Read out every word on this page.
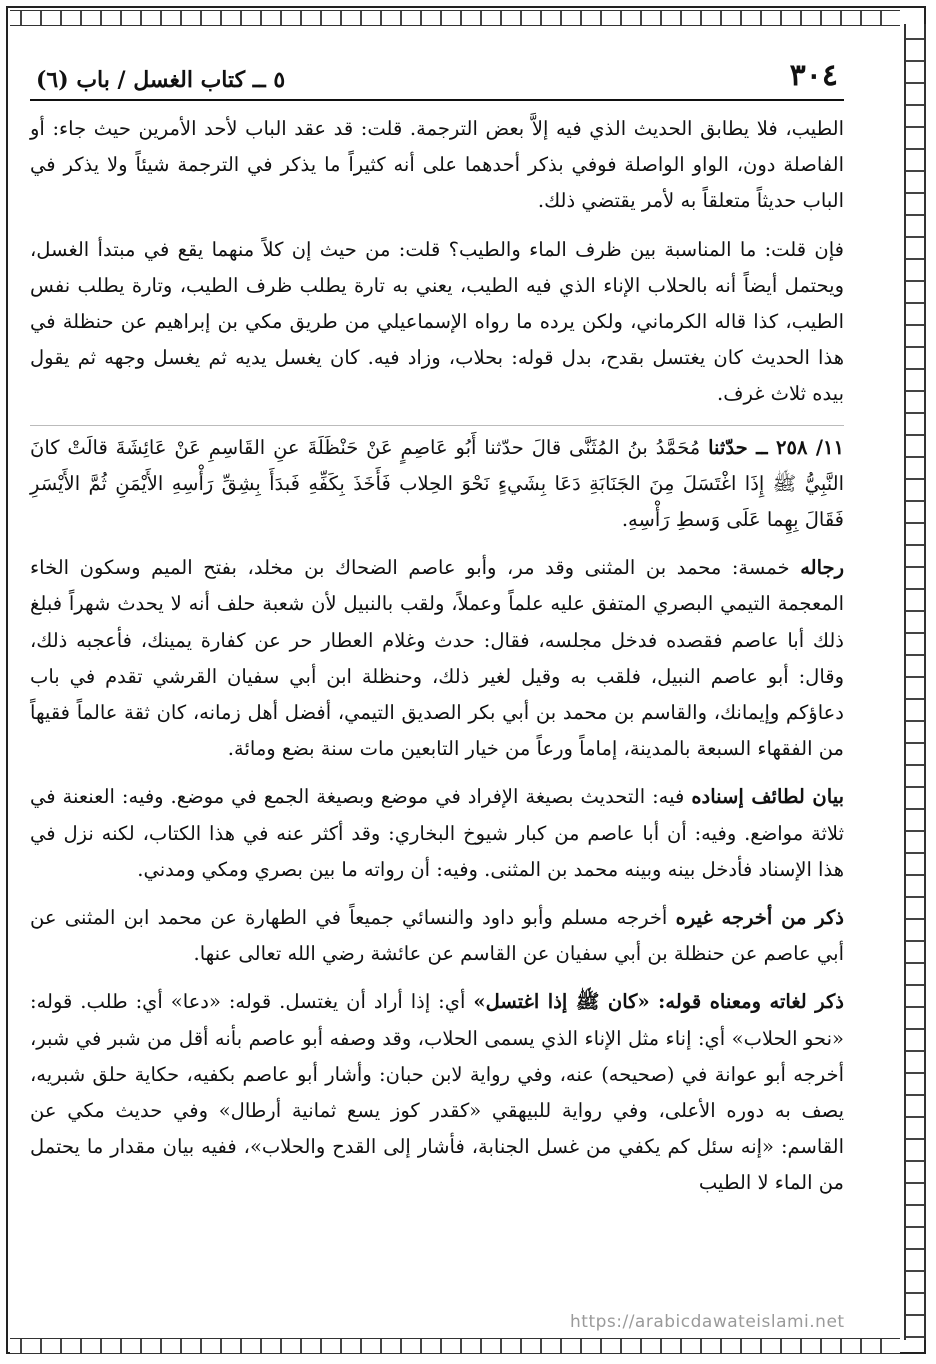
٣٠٤
٥ ــ كتاب الغسل / باب (٦)

الطيب، فلا يطابق الحديث الذي فيه إلاَّ بعض الترجمة. قلت: قد عقد الباب لأحد الأمرين حيث جاء: أو الفاصلة دون، الواو الواصلة فوفي بذكر أحدهما على أنه كثيراً ما يذكر في الترجمة شيئاً ولا يذكر في الباب حديثاً متعلقاً به لأمر يقتضي ذلك.

فإن قلت: ما المناسبة بين ظرف الماء والطيب؟ قلت: من حيث إن كلاً منهما يقع في مبتدأ الغسل، ويحتمل أيضاً أنه بالحلاب الإناء الذي فيه الطيب، يعني به تارة يطلب ظرف الطيب، وتارة يطلب نفس الطيب، كذا قاله الكرماني، ولكن يرده ما رواه الإسماعيلي من طريق مكي بن إبراهيم عن حنظلة في هذا الحديث كان يغتسل بقدح، بدل قوله: بحلاب، وزاد فيه. كان يغسل يديه ثم يغسل وجهه ثم يقول بيده ثلاث غرف.

١١/ ٢٥٨ ــ حدّثنا مُحَمَّدُ بنُ المُثَنَّى قالَ حدّثنا أَبُو عَاصِمٍ عَنْ حَنْظَلَةَ عنِ القَاسِمِ عَنْ عَائِشَةَ قالَتْ كانَ النَّبِيُّ ﷺ إِذَا اغْتَسَلَ مِنَ الجَنَابَةِ دَعَا بِشَيءٍ نَحْوَ الحِلاب فَأَخَذَ بِكَفِّهِ فَبدَأَ بِشِقِّ رَأْسِهِ الأَيْمَنِ ثُمَّ الأَيْسَرِ فَقَالَ بِهِما عَلَى وَسطِ رَأْسِهِ.

رجاله خمسة: محمد بن المثنى وقد مر، وأبو عاصم الضحاك بن مخلد، بفتح الميم وسكون الخاء المعجمة التيمي البصري المتفق عليه علماً وعملاً، ولقب بالنبيل لأن شعبة حلف أنه لا يحدث شهراً فبلغ ذلك أبا عاصم فقصده فدخل مجلسه، فقال: حدث وغلام العطار حر عن كفارة يمينك، فأعجبه ذلك، وقال: أبو عاصم النبيل، فلقب به وقيل لغير ذلك، وحنظلة ابن أبي سفيان القرشي تقدم في باب دعاؤكم وإيمانك، والقاسم بن محمد بن أبي بكر الصديق التيمي، أفضل أهل زمانه، كان ثقة عالماً فقيهاً من الفقهاء السبعة بالمدينة، إماماً ورعاً من خيار التابعين مات سنة بضع ومائة.

بيان لطائف إسناده فيه: التحديث بصيغة الإفراد في موضع وبصيغة الجمع في موضع. وفيه: العنعنة في ثلاثة مواضع. وفيه: أن أبا عاصم من كبار شيوخ البخاري: وقد أكثر عنه في هذا الكتاب، لكنه نزل في هذا الإسناد فأدخل بينه وبينه محمد بن المثنى. وفيه: أن رواته ما بين بصري ومكي ومدني.

ذكر من أخرجه غيره أخرجه مسلم وأبو داود والنسائي جميعاً في الطهارة عن محمد ابن المثنى عن أبي عاصم عن حنظلة بن أبي سفيان عن القاسم عن عائشة رضي الله تعالى عنها.

ذكر لغاته ومعناه قوله: «كان ﷺ إذا اغتسل» أي: إذا أراد أن يغتسل. قوله: «دعا» أي: طلب. قوله: «نحو الحلاب» أي: إناء مثل الإناء الذي يسمى الحلاب، وقد وصفه أبو عاصم بأنه أقل من شبر في شبر، أخرجه أبو عوانة في (صحيحه) عنه، وفي رواية لابن حبان: وأشار أبو عاصم بكفيه، حكاية حلق شبريه، يصف به دوره الأعلى، وفي رواية للبيهقي «كقدر كوز يسع ثمانية أرطال» وفي حديث مكي عن القاسم: «إنه سئل كم يكفي من غسل الجنابة، فأشار إلى القدح والحلاب»، ففيه بيان مقدار ما يحتمل من الماء لا الطيب

https://arabicdawateislami.net
